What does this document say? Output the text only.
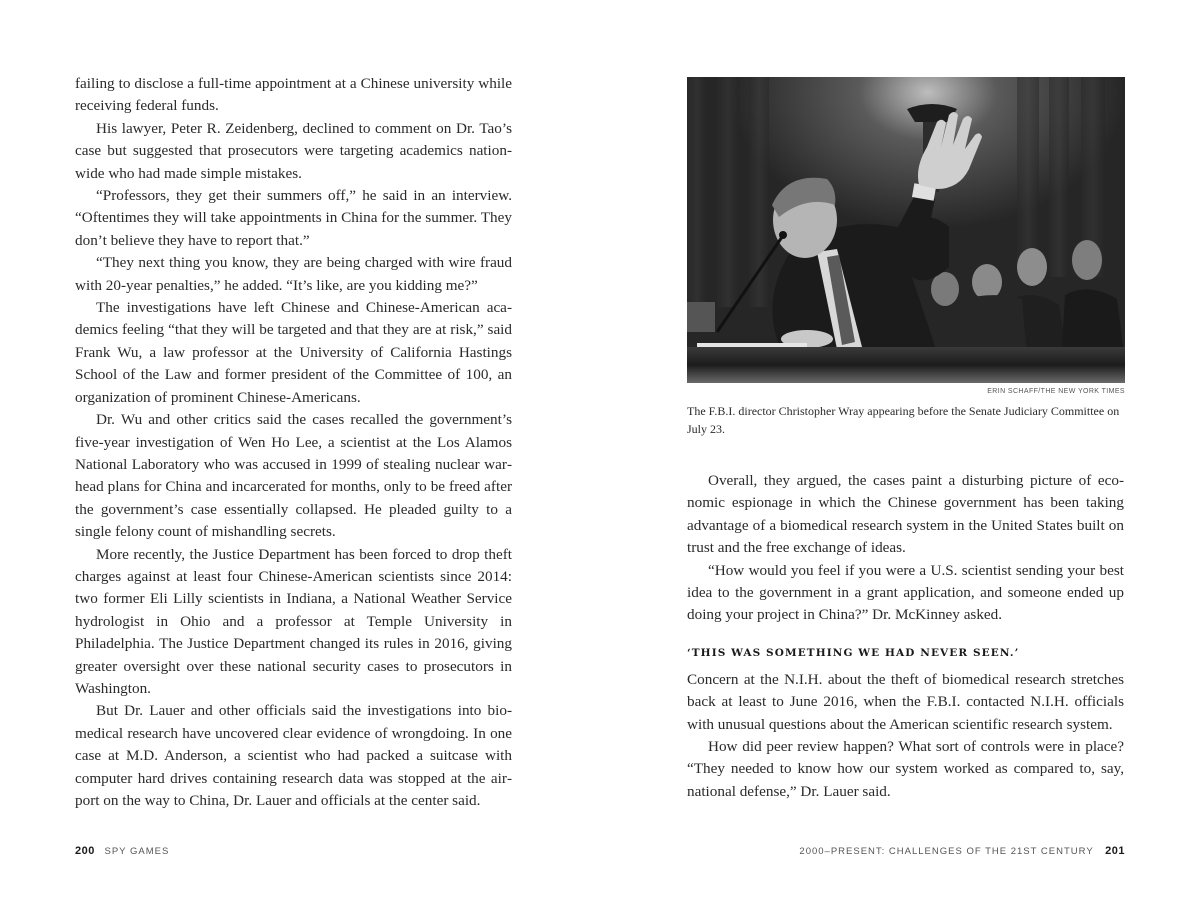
failing to disclose a full-time appointment at a Chinese university while receiving federal funds.

His lawyer, Peter R. Zeidenberg, declined to comment on Dr. Tao’s case but suggested that prosecutors were targeting academics nationwide who had made simple mistakes.

“Professors, they get their summers off,” he said in an interview. “Oftentimes they will take appointments in China for the summer. They don’t believe they have to report that.”

“They next thing you know, they are being charged with wire fraud with 20-year penalties,” he added. “It’s like, are you kidding me?”

The investigations have left Chinese and Chinese-American academics feeling “that they will be targeted and that they are at risk,” said Frank Wu, a law professor at the University of California Hastings School of the Law and former president of the Committee of 100, an organization of prominent Chinese-Americans.

Dr. Wu and other critics said the cases recalled the government’s five-year investigation of Wen Ho Lee, a scientist at the Los Alamos National Laboratory who was accused in 1999 of stealing nuclear warhead plans for China and incarcerated for months, only to be freed after the government’s case essentially collapsed. He pleaded guilty to a single felony count of mishandling secrets.

More recently, the Justice Department has been forced to drop theft charges against at least four Chinese-American scientists since 2014: two former Eli Lilly scientists in Indiana, a National Weather Service hydrologist in Ohio and a professor at Temple University in Philadelphia. The Justice Department changed its rules in 2016, giving greater oversight over these national security cases to prosecutors in Washington.

But Dr. Lauer and other officials said the investigations into biomedical research have uncovered clear evidence of wrongdoing. In one case at M.D. Anderson, a scientist who had packed a suitcase with computer hard drives containing research data was stopped at the airport on the way to China, Dr. Lauer and officials at the center said.

200 SPY GAMES
ERIN SCHAFF/THE NEW YORK TIMES
The F.B.I. director Christopher Wray appearing before the Senate Judiciary Committee on July 23.

Overall, they argued, the cases paint a disturbing picture of economic espionage in which the Chinese government has been taking advantage of a biomedical research system in the United States built on trust and the free exchange of ideas.

“How would you feel if you were a U.S. scientist sending your best idea to the government in a grant application, and someone ended up doing your project in China?” Dr. McKinney asked.

‘THIS WAS SOMETHING WE HAD NEVER SEEN.’

Concern at the N.I.H. about the theft of biomedical research stretches back at least to June 2016, when the F.B.I. contacted N.I.H. officials with unusual questions about the American scientific research system.

How did peer review happen? What sort of controls were in place? “They needed to know how our system worked as compared to, say, national defense,” Dr. Lauer said.

2000–PRESENT: CHALLENGES OF THE 21ST CENTURY 201
